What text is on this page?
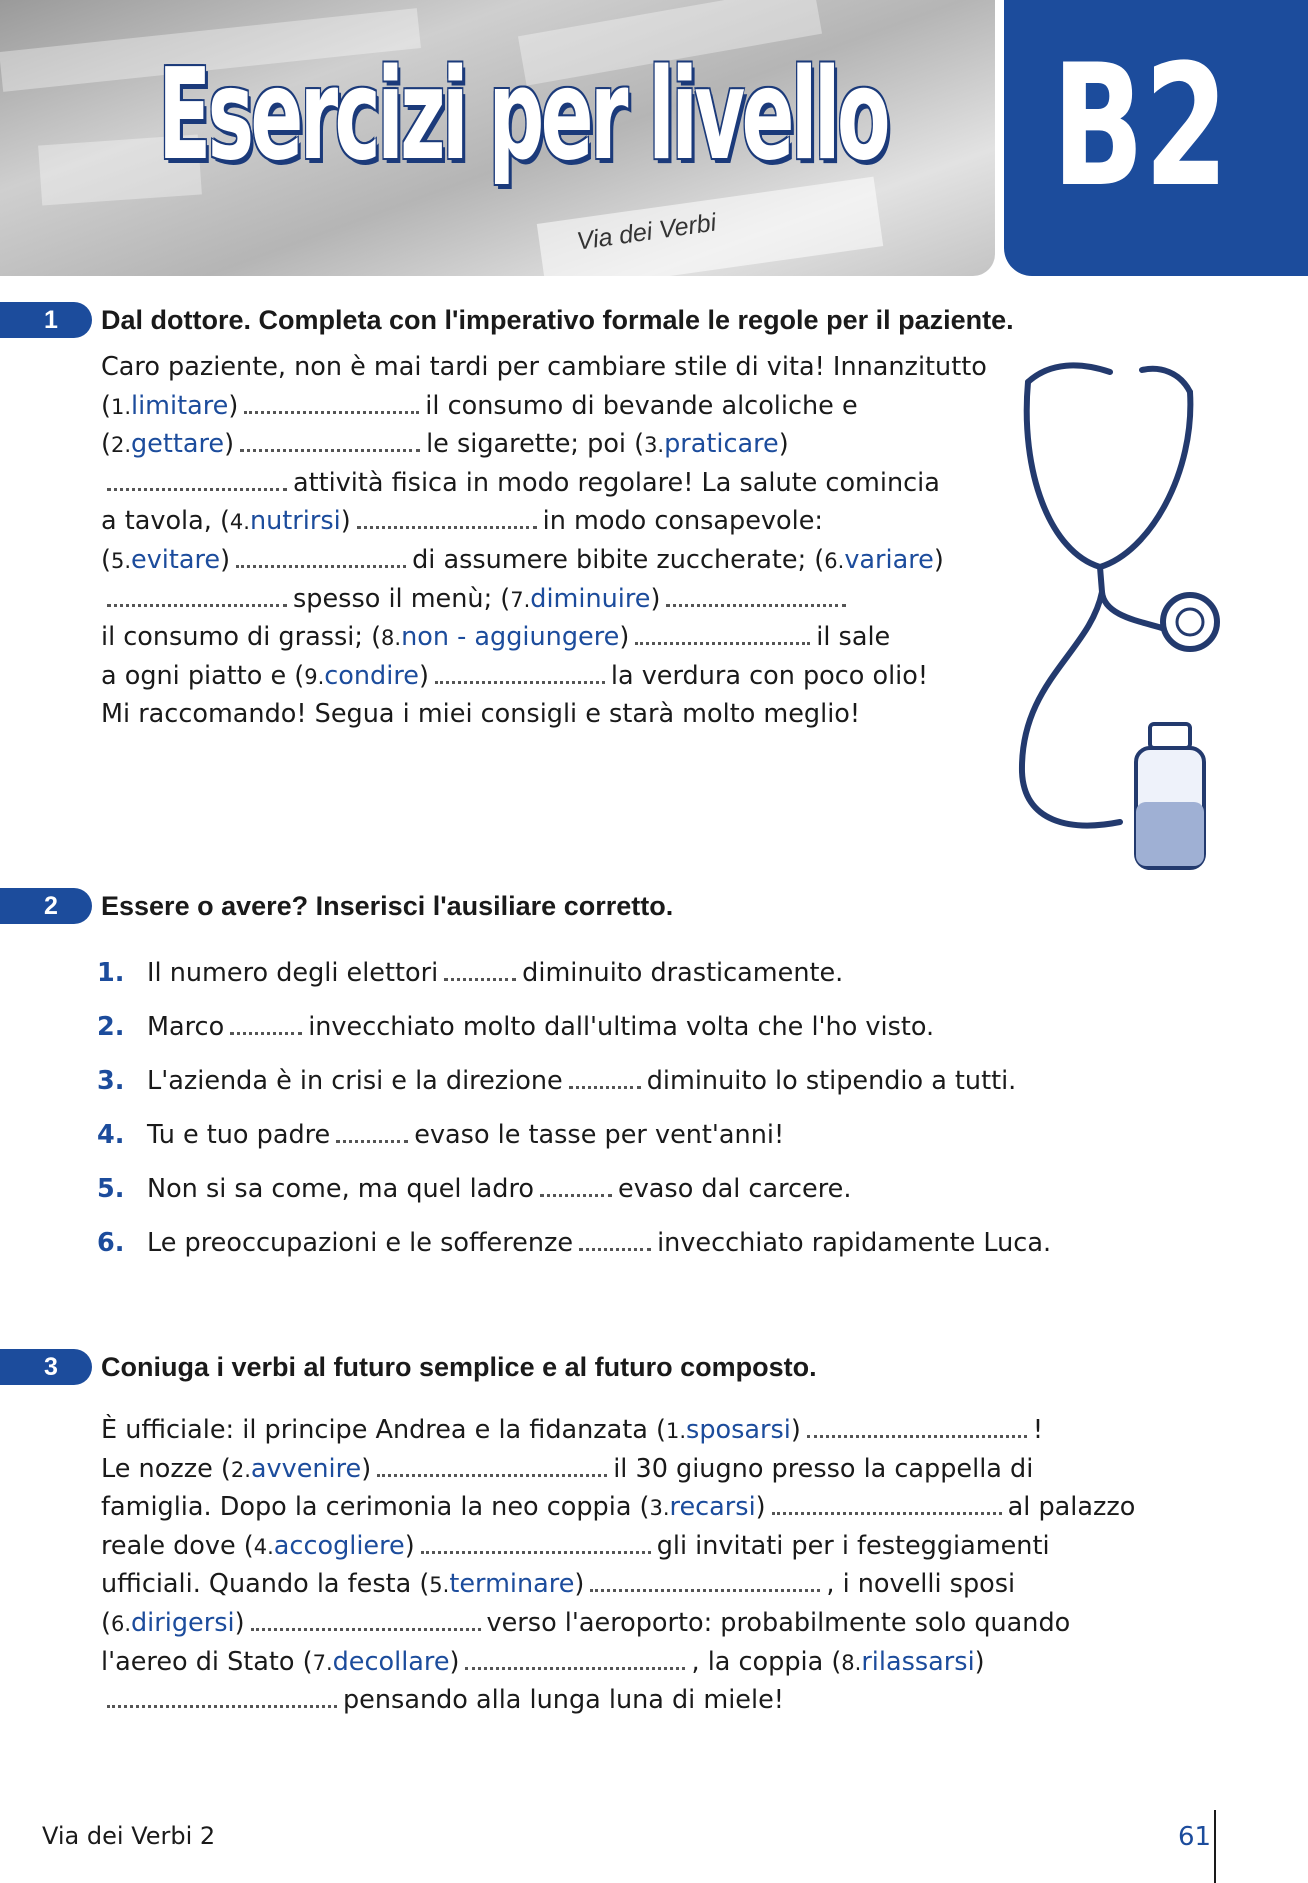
Esercizi per livello

Via dei Verbi

B2

1 Dal dottore. Completa con l'imperativo formale le regole per il paziente.
Caro paziente, non è mai tardi per cambiare stile di vita! Innanzitutto
(1.limitare)	il consumo di bevande alcoliche e
(2.gettare)	le sigarette; poi (3.praticare)
attività fisica in modo regolare! La salute comincia
a tavola, (4.nutrirsi)	in modo consapevole:
(5.evitare)	di assumere bibite zuccherate; (6.variare)
spesso il menù; (7.diminuire)
il consumo di grassi; (8.non - aggiungere)	il sale
a ogni piatto e (9.condire)	la verdura con poco olio!
Mi raccomando! Segua i miei consigli e starà molto meglio!
2 Essere o avere? Inserisci l'ausiliare corretto.
1. Il numero degli elettori	diminuito drasticamente.
2. Marco	invecchiato molto dall'ultima volta che l'ho visto.
3. L'azienda è in crisi e la direzione	diminuito lo stipendio a tutti.
4. Tu e tuo padre	evaso le tasse per vent'anni!
5. Non si sa come, ma quel ladro	evaso dal carcere.
6. Le preoccupazioni e le sofferenze	invecchiato rapidamente Luca.
3 Coniuga i verbi al futuro semplice e al futuro composto.
È ufficiale: il principe Andrea e la fidanzata (1.sposarsi)	!
Le nozze (2.avvenire)	il 30 giugno presso la cappella di
famiglia. Dopo la cerimonia la neo coppia (3.recarsi)	al palazzo
reale dove (4.accogliere)	gli invitati per i festeggiamenti
ufficiali. Quando la festa (5.terminare)	, i novelli sposi
(6.dirigersi)	verso l'aeroporto: probabilmente solo quando
l'aereo di Stato (7.decollare)	, la coppia (8.rilassarsi)
pensando alla lunga luna di miele!

Via dei Verbi 2	61
